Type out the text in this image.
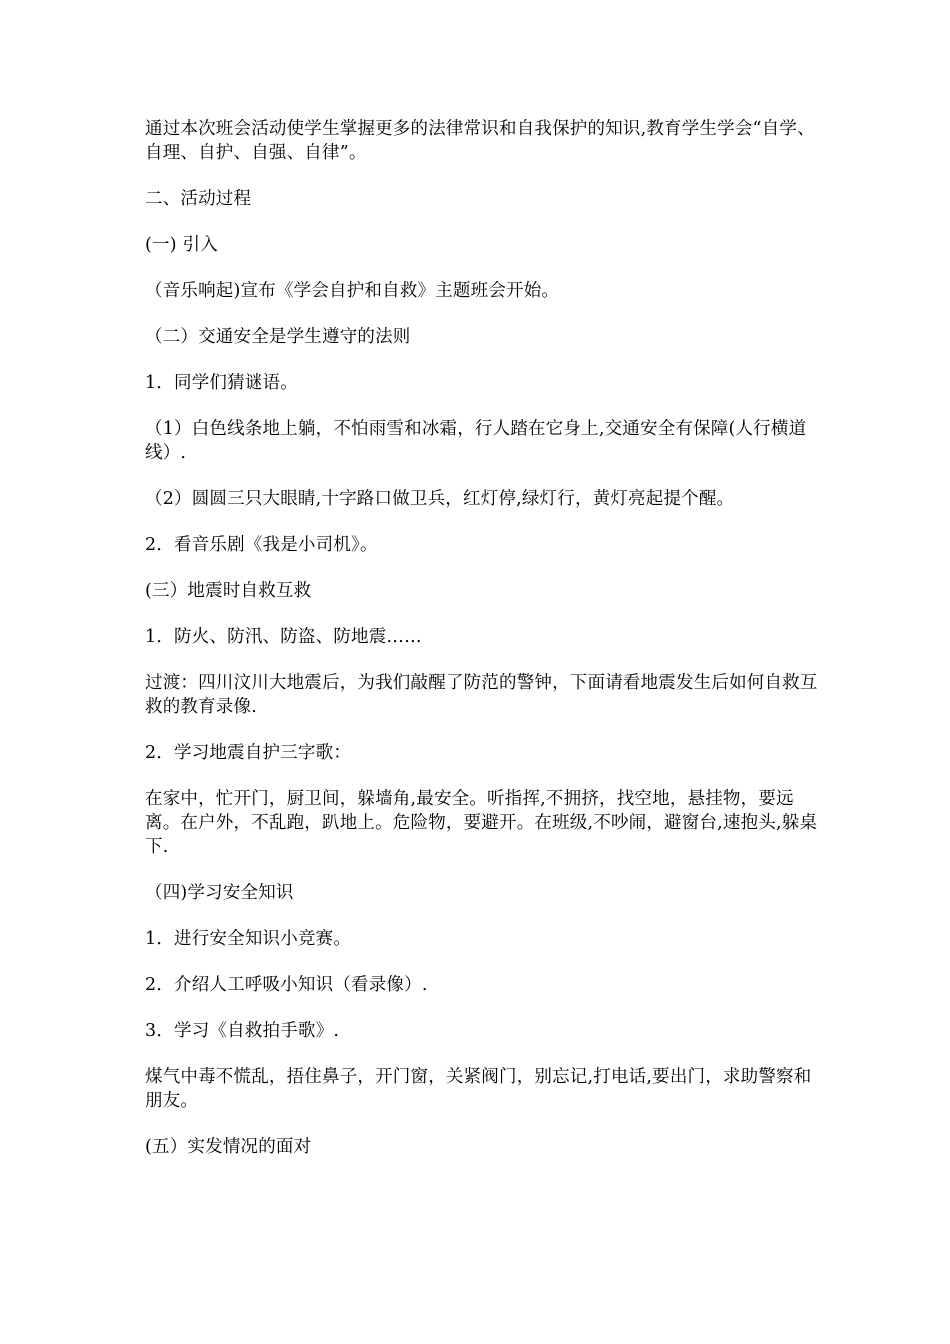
通过本次班会活动使学生掌握更多的法律常识和自我保护的知识,教育学生学会“自学、自理、自护、自强、自律”。

二、活动过程

(一) 引入

（音乐响起)宣布《学会自护和自救》主题班会开始。

（二）交通安全是学生遵守的法则

1．同学们猜谜语。

（1）白色线条地上躺，不怕雨雪和冰霜，行人踏在它身上,交通安全有保障(人行横道线）.

（2）圆圆三只大眼睛,十字路口做卫兵，红灯停,绿灯行，黄灯亮起提个醒。

2．看音乐剧《我是小司机》。

(三）地震时自救互救

1．防火、防汛、防盗、防地震……

过渡：四川汶川大地震后，为我们敲醒了防范的警钟，下面请看地震发生后如何自救互救的教育录像.

2．学习地震自护三字歌：

在家中，忙开门，厨卫间，躲墙角,最安全。听指挥,不拥挤，找空地，悬挂物，要远离。在户外，不乱跑，趴地上。危险物，要避开。在班级,不吵闹，避窗台,速抱头,躲桌下.

（四)学习安全知识

1．进行安全知识小竞赛。

2．介绍人工呼吸小知识（看录像）.

3．学习《自救拍手歌》.

煤气中毒不慌乱，捂住鼻子，开门窗，关紧阀门，别忘记,打电话,要出门，求助警察和朋友。

(五）实发情况的面对
